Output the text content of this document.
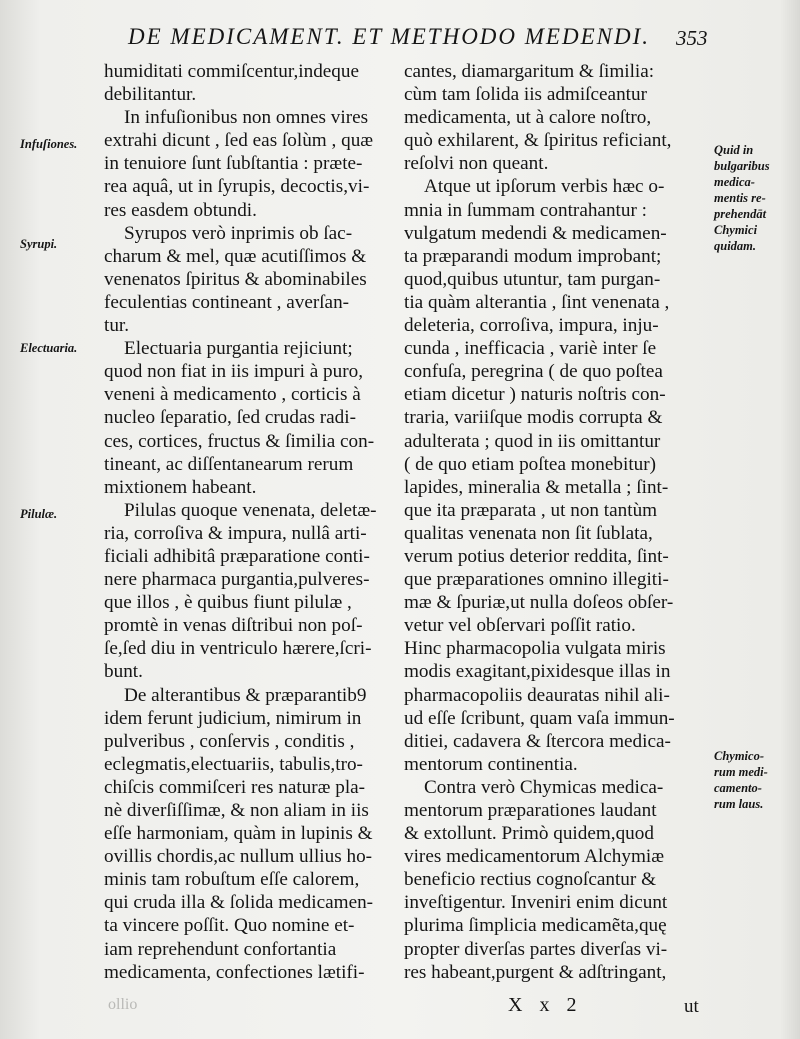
DE MEDICAMENT. ET METHODO MEDENDI.	353
humiditati commiſcentur,indeque
debilitantur.
In infuſionibus non omnes vires
extrahi dicunt , ſed eas ſolùm , quæ
in tenuiore ſunt ſubſtantia : præte-
rea aquâ, ut in ſyrupis, decoctis,vi-
res easdem obtundi.
Syrupos verò inprimis ob ſac-
charum & mel, quæ acutiſſimos &
venenatos ſpiritus & abominabiles
feculentias contineant , averſan-
tur.
Electuaria purgantia rejiciunt;
quod non fiat in iis impuri à puro,
veneni à medicamento , corticis à
nucleo ſeparatio, ſed crudas radi-
ces, cortices, fructus & ſimilia con-
tineant, ac diſſentanearum rerum
mixtionem habeant.
Pilulas quoque venenata, deletæ-
ria, corroſiva & impura, nullâ arti-
ficiali adhibitâ præparatione conti-
nere pharmaca purgantia,pulveres-
que illos , è quibus fiunt pilulæ ,
promtè in venas diſtribui non poſ-
ſe,ſed diu in ventriculo hærere,ſcri-
bunt.
De alterantibus & præparantib9
idem ferunt judicium, nimirum in
pulveribus , conſervis , conditis ,
eclegmatis,electuariis, tabulis,tro-
chiſcis commiſceri res naturæ pla-
nè diverſiſſimæ, & non aliam in iis
eſſe harmoniam, quàm in lupinis &
ovillis chordis,ac nullum ullius ho-
minis tam robuſtum eſſe calorem,
qui cruda illa & ſolida medicamen-
ta vincere poſſit. Quo nomine et-
iam reprehendunt confortantia
medicamenta, confectiones lætifi-
cantes, diamargaritum & ſimilia:
cùm tam ſolida iis admiſceantur
medicamenta, ut à calore noſtro,
quò exhilarent, & ſpiritus reficiant,
reſolvi non queant.
Atque ut ipſorum verbis hæc o-
mnia in ſummam contrahantur :
vulgatum medendi & medicamen-
ta præparandi modum improbant;
quod,quibus utuntur, tam purgan-
tia quàm alterantia , ſint venenata ,
deleteria, corroſiva, impura, inju-
cunda , inefficacia , variè inter ſe
confuſa, peregrina ( de quo poſtea
etiam dicetur ) naturis noſtris con-
traria, variiſque modis corrupta &
adulterata ; quod in iis omittantur
( de quo etiam poſtea monebitur)
lapides, mineralia & metalla ; ſint-
que ita præparata , ut non tantùm
qualitas venenata non ſit ſublata,
verum potius deterior reddita, ſint-
que præparationes omnino illegiti-
mæ & ſpuriæ,ut nulla doſeos obſer-
vetur vel obſervari poſſit ratio.
Hinc pharmacopolia vulgata miris
modis exagitant,pixidesque illas in
pharmacopoliis deauratas nihil ali-
ud eſſe ſcribunt, quam vaſa immun-
ditiei, cadavera & ſtercora medica-
mentorum continentia.
Contra verò Chymicas medica-
mentorum præparationes laudant
& extollunt. Primò quidem,quod
vires medicamentorum Alchymiæ
beneficio rectius cognoſcantur &
inveſtigentur. Inveniri enim dicunt
plurima ſimplicia medicamẽta,quę
propter diverſas partes diverſas vi-
res habeant,purgent & adſtringant,
Infuſiones.
Syrupi.
Electuaria.
Pilulæ.
Quid in
bulgaribus
medica-
mentis re-
prehendāt
Chymici
quidam.
Chymico-
rum medi-
camento-
rum laus.
ollio	X x 2	ut
